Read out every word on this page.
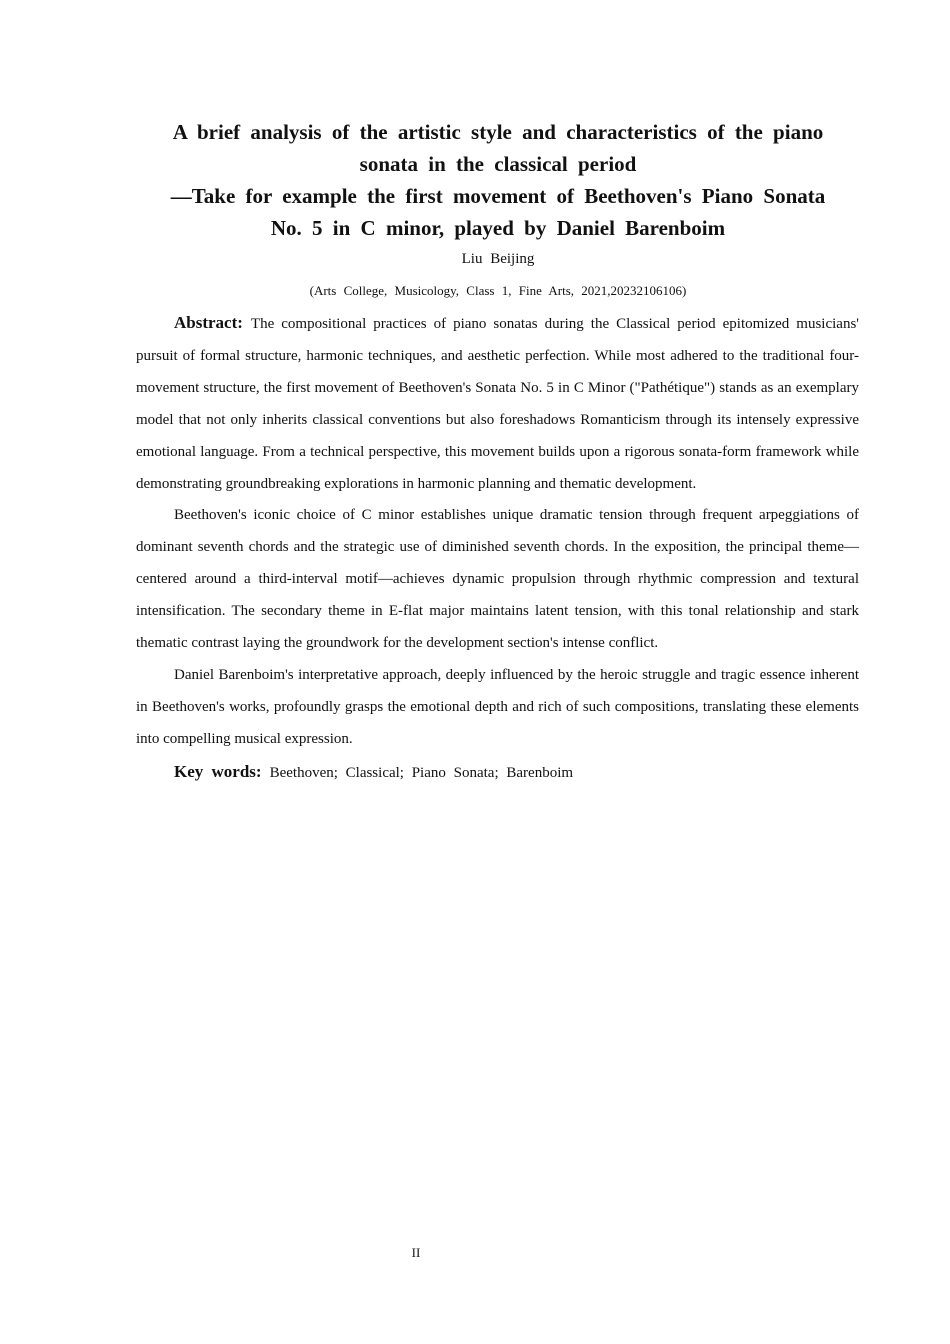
A brief analysis of the artistic style and characteristics of the piano

sonata in the classical period

—Take for example the first movement of Beethoven's Piano Sonata

No. 5 in C minor, played by Daniel Barenboim

Liu Beijing
(Arts College, Musicology, Class 1, Fine Arts, 2021,20232106106)

Abstract: The compositional practices of piano sonatas during the Classical period epitomized musicians' pursuit of formal structure, harmonic techniques, and aesthetic perfection. While most adhered to the traditional four-movement structure, the first movement of Beethoven's Sonata No. 5 in C Minor ("Pathétique") stands as an exemplary model that not only inherits classical conventions but also foreshadows Romanticism through its intensely expressive emotional language. From a technical perspective, this movement builds upon a rigorous sonata-form framework while demonstrating groundbreaking explorations in harmonic planning and thematic development.

Beethoven's iconic choice of C minor establishes unique dramatic tension through frequent arpeggiations of dominant seventh chords and the strategic use of diminished seventh chords. In the exposition, the principal theme—centered around a third-interval motif—achieves dynamic propulsion through rhythmic compression and textural intensification. The secondary theme in E-flat major maintains latent tension, with this tonal relationship and stark thematic contrast laying the groundwork for the development section's intense conflict.

Daniel Barenboim's interpretative approach, deeply influenced by the heroic struggle and tragic essence inherent in Beethoven's works, profoundly grasps the emotional depth and rich of such compositions, translating these elements into compelling musical expression.

Key words: Beethoven; Classical; Piano Sonata; Barenboim

II
